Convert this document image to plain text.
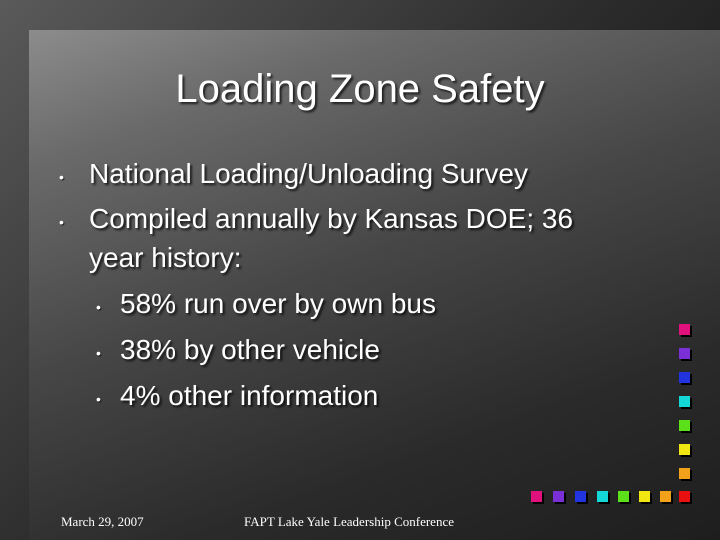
Loading Zone Safety
• National Loading/Unloading Survey
• Compiled annually by Kansas DOE; 36
year history:
• 58% run over by own bus
• 38% by other vehicle
• 4% other information
March 29, 2007	FAPT Lake Yale Leadership Conference
